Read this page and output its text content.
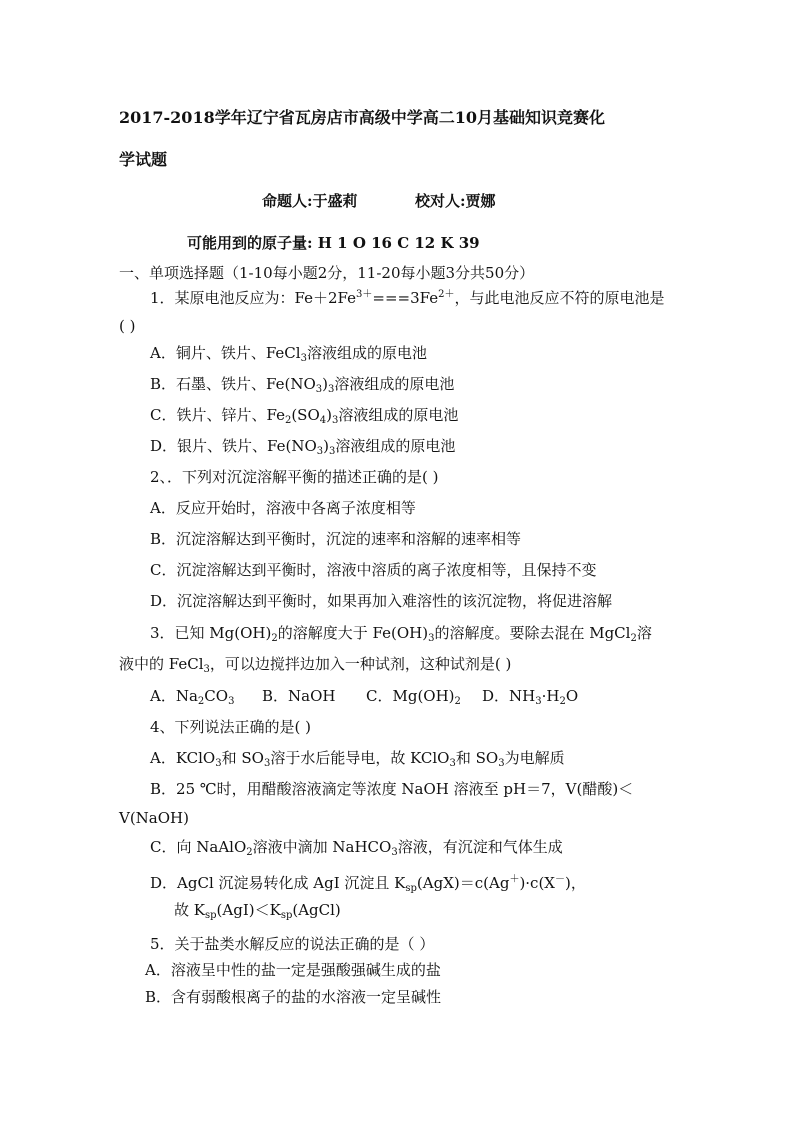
2017-2018学年辽宁省瓦房店市高级中学高二10月基础知识竞赛化
学试题
命题人:于盛莉	校对人:贾娜
可能用到的原子量: H 1 O 16 C 12 K 39
一、单项选择题（1-10每小题2分，11-20每小题3分共50分）
1．某原电池反应为：$Fe+2Fe^{3+}===3Fe^{2+}$，与此电池反应不符的原电池是
( )
A．铜片、铁片、FeCl$_3$溶液组成的原电池
B．石墨、铁片、$Fe(NO_3)_3$溶液组成的原电池
C．铁片、锌片、$Fe_2(SO_4)_3$溶液组成的原电池
D．银片、铁片、$Fe(NO_3)_3$溶液组成的原电池
2、．下列对沉淀溶解平衡的描述正确的是( )
A．反应开始时，溶液中各离子浓度相等
B．沉淀溶解达到平衡时，沉淀的速率和溶解的速率相等
C．沉淀溶解达到平衡时，溶液中溶质的离子浓度相等，且保持不变
D．沉淀溶解达到平衡时，如果再加入难溶性的该沉淀物，将促进溶解
3．已知 $Mg(OH)_2$的溶解度大于 $Fe(OH)_3$的溶解度。要除去混在 MgCl$_2$溶
液中的 FeCl$_3$，可以边搅拌边加入一种试剂，这种试剂是( )
A．$Na_2CO_3$ B．NaOH C．$Mg(OH)_2$ D．$NH_3\cdot H_2O$
4、下列说法正确的是( )
A．KClO$_3$和 $SO_3$溶于水后能导电，故 KClO$_3$和 $SO_3$为电解质
B．25 ℃时，用醋酸溶液滴定等浓度 NaOH 溶液至 pH＝7，V(醋酸)＜
V(NaOH)
C．向 NaAlO$_2$溶液中滴加 NaHCO$_3$溶液，有沉淀和气体生成
D．AgCl 沉淀易转化成 AgI 沉淀且 $K_{sp}(AgX)=c(Ag^+)\cdot c(X^-)$，
故 $K_{sp}(AgI)<K_{sp}(AgCl)$
5．关于盐类水解反应的说法正确的是（ ）
A．溶液呈中性的盐一定是强酸强碱生成的盐
B．含有弱酸根离子的盐的水溶液一定呈碱性
